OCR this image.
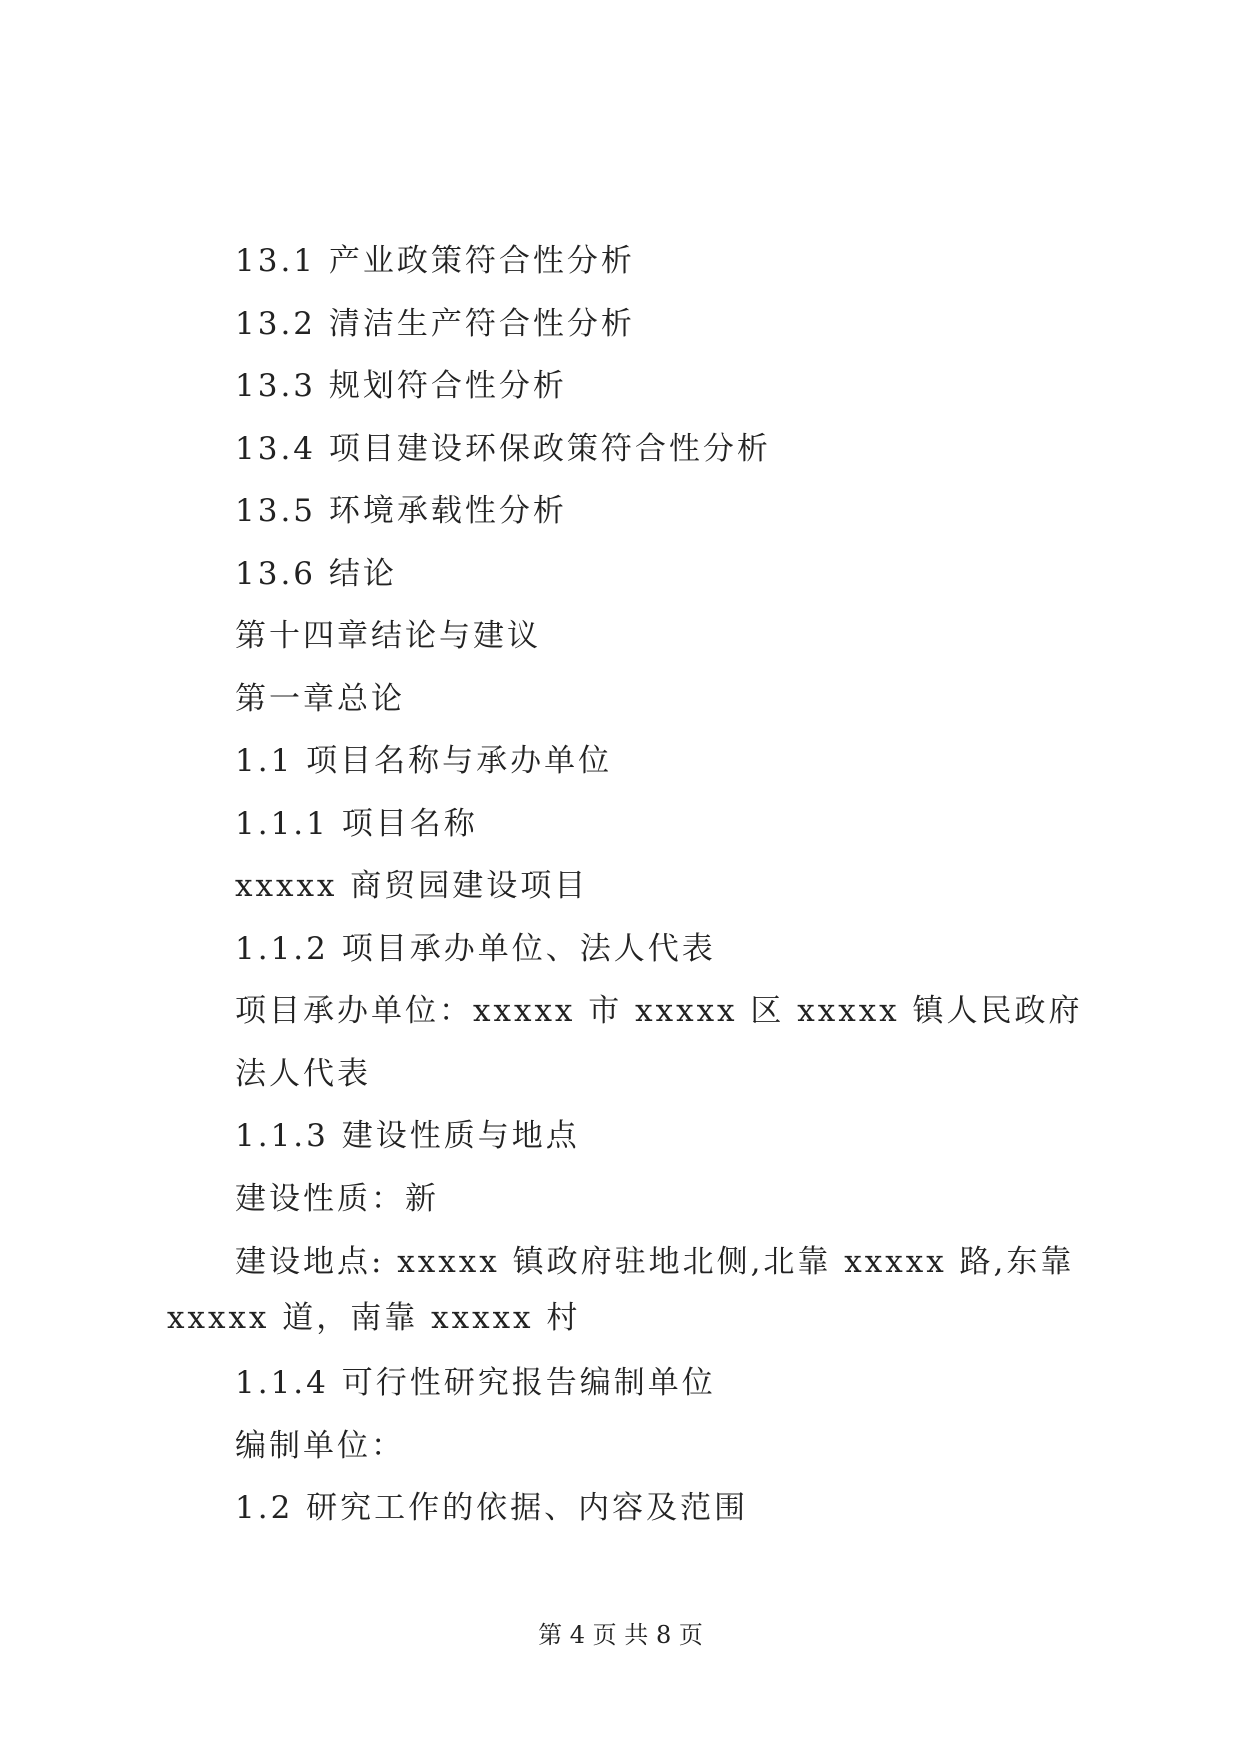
13.1 产业政策符合性分析
13.2 清洁生产符合性分析
13.3 规划符合性分析
13.4 项目建设环保政策符合性分析
13.5 环境承载性分析
13.6 结论
第十四章结论与建议
第一章总论
1.1 项目名称与承办单位
1.1.1 项目名称
xxxxx 商贸园建设项目
1.1.2 项目承办单位、法人代表
项目承办单位：xxxxx 市 xxxxx 区 xxxxx 镇人民政府
法人代表
1.1.3 建设性质与地点
建设性质：新
建设地点: xxxxx 镇政府驻地北侧,北靠 xxxxx 路,东靠 xxxxx 道，南靠 xxxxx 村
1.1.4 可行性研究报告编制单位
编制单位：
1.2 研究工作的依据、内容及范围
第 4 页 共 8 页
